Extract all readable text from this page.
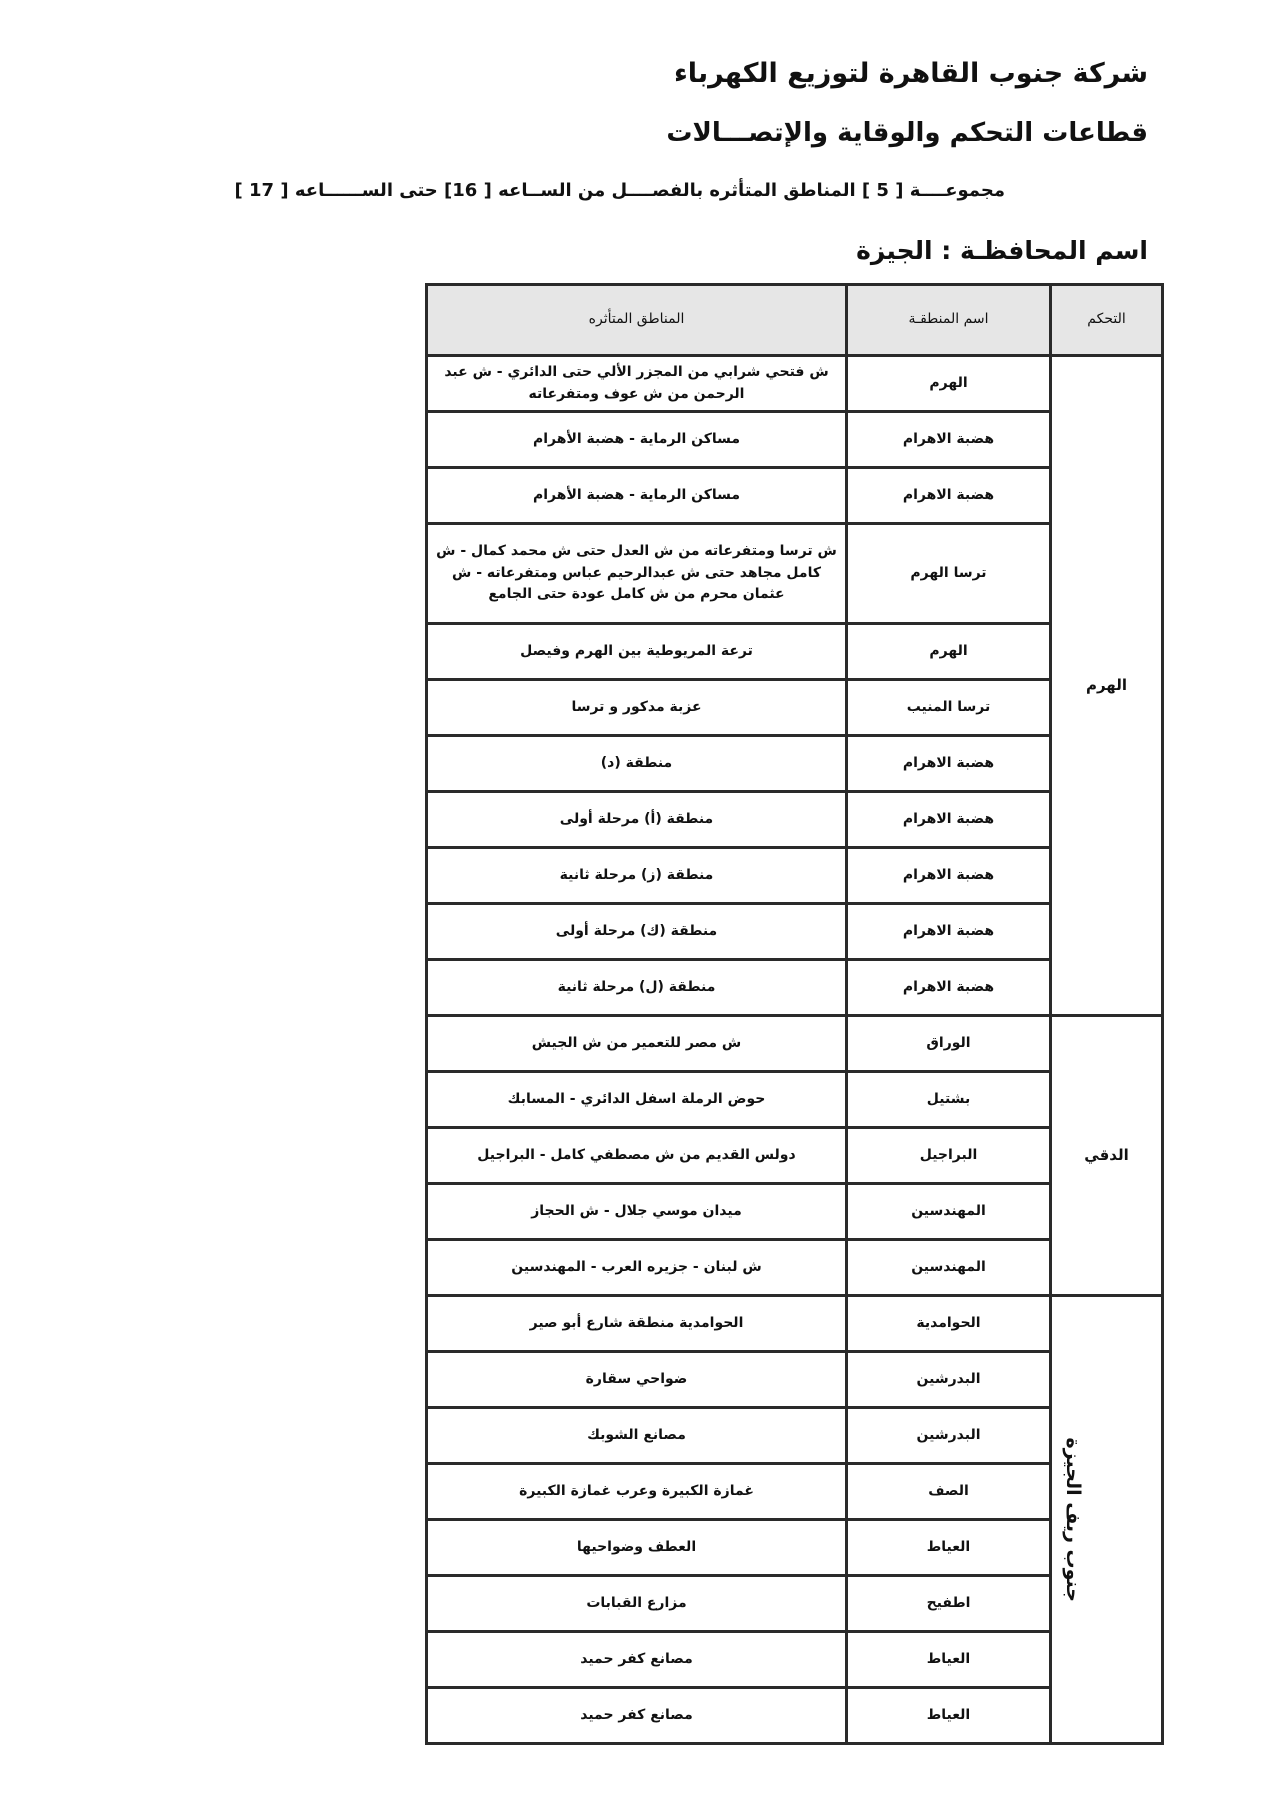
شركة جنوب القاهرة لتوزيع الكهرباء
قطاعات التحكم والوقاية والإتصـــالات
مجموعــــة [ 5 ] المناطق المتأثره بالفصــــل من الســاعه [ 16] حتى الســــــاعه [ 17 ]
اسم المحافظـة : الجيزة
التحكم	اسم المنطقـة	المناطق المتأثره
الهرم	الهرم	ش فتحي شرابي من المجزر الألي حتى الدائري - ش عبد الرحمن من ش عوف ومتفرعاته
	هضبة الاهرام	مساكن الرماية - هضبة الأهرام
	هضبة الاهرام	مساكن الرماية - هضبة الأهرام
	ترسا الهرم	ش ترسا ومتفرعاته من ش العدل حتى ش محمد كمال - ش كامل مجاهد حتى ش عبدالرحيم عباس ومتفرعاته - ش عثمان محرم من ش كامل عودة حتى الجامع
	الهرم	ترعة المريوطية بين الهرم وفيصل
	ترسا المنيب	عزبة مدكور و ترسا
	هضبة الاهرام	منطقة (د)
	هضبة الاهرام	منطقة (أ) مرحلة أولى
	هضبة الاهرام	منطقة (ز) مرحلة ثانية
	هضبة الاهرام	منطقة (ك) مرحلة أولى
	هضبة الاهرام	منطقة (ل) مرحلة ثانية
الدقي	الوراق	ش مصر للتعمير من ش الجيش
	بشتيل	حوض الرملة اسفل الدائري - المسابك
	البراجيل	دولس القديم من ش مصطفي كامل - البراجيل
	المهندسين	ميدان موسي جلال - ش الحجاز
	المهندسين	ش لبنان - جزيره العرب - المهندسين
جنوب ريف الجيزة	الحوامدية	الحوامدية منطقة شارع أبو صير
	البدرشين	ضواحي سقارة
	البدرشين	مصانع الشوبك
	الصف	غمازة الكبيرة وعرب غمازة الكبيرة
	العياط	العطف وضواحيها
	اطفيح	مزارع القبابات
	العياط	مصانع كفر حميد
	العياط	مصانع كفر حميد
